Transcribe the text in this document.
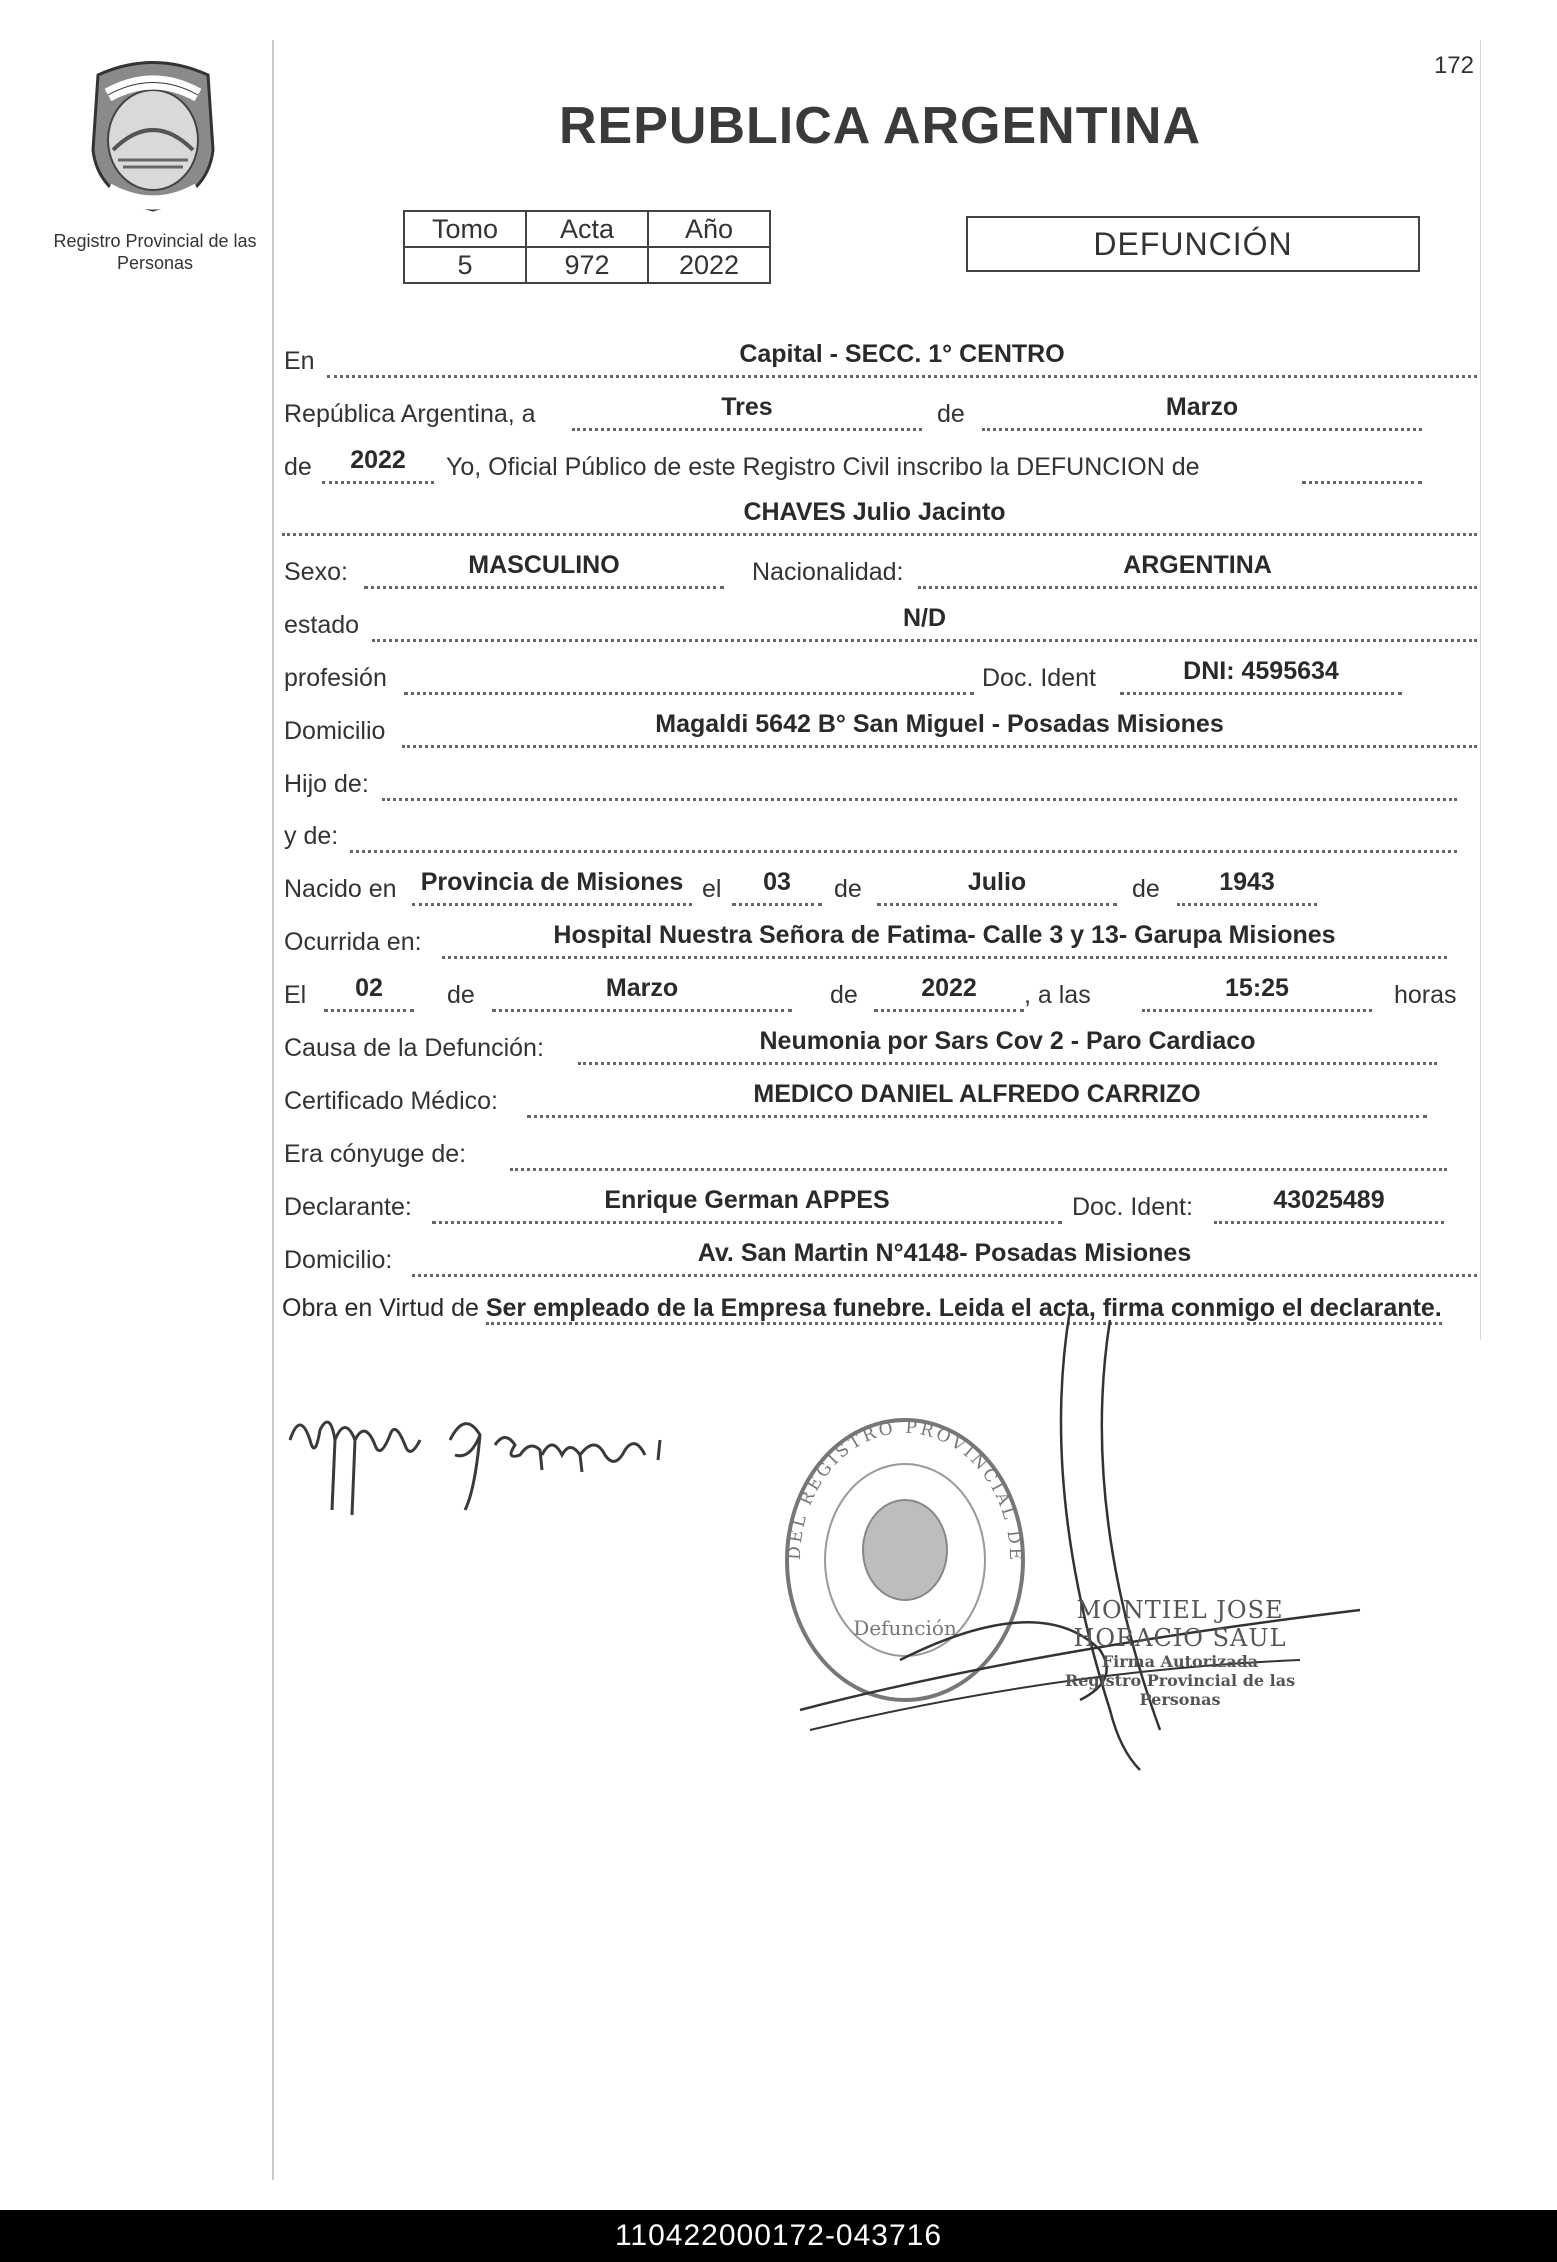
Registro Provincial de las Personas
172
REPUBLICA ARGENTINA
Tomo	Acta	Año
5	972	2022
DEFUNCIÓN
En	Capital - SECC. 1° CENTRO
República Argentina, a	Tres	de	Marzo
de	2022	Yo, Oficial Público de este Registro Civil inscribo la DEFUNCION de
CHAVES Julio Jacinto
Sexo:	MASCULINO	Nacionalidad:	ARGENTINA
estado	N/D
profesión	Doc. Ident	DNI: 4595634
Domicilio	Magaldi 5642 B° San Miguel - Posadas Misiones
Hijo de:
y de:
Nacido en Provincia de Misiones el	03	de	Julio	de	1943
Ocurrida en:	Hospital Nuestra Señora de Fatima- Calle 3 y 13- Garupa Misiones
El	02	de	Marzo	de	2022	, a las	15:25	horas
Causa de la Defunción:	Neumonia por Sars Cov 2 - Paro Cardiaco
Certificado Médico:	MEDICO DANIEL ALFREDO CARRIZO
Era cónyuge de:
Declarante:	Enrique German APPES	Doc. Ident:	43025489
Domicilio:	Av. San Martin N°4148- Posadas Misiones
Obra en Virtud de Ser empleado de la Empresa funebre. Leida el acta, firma conmigo el declarante.
Defunción
DEL REGISTRO PROVINCIAL DE
MONTIEL JOSE HORACIO SAUL
Firma Autorizada
Registro Provincial de las Personas
110422000172-043716
